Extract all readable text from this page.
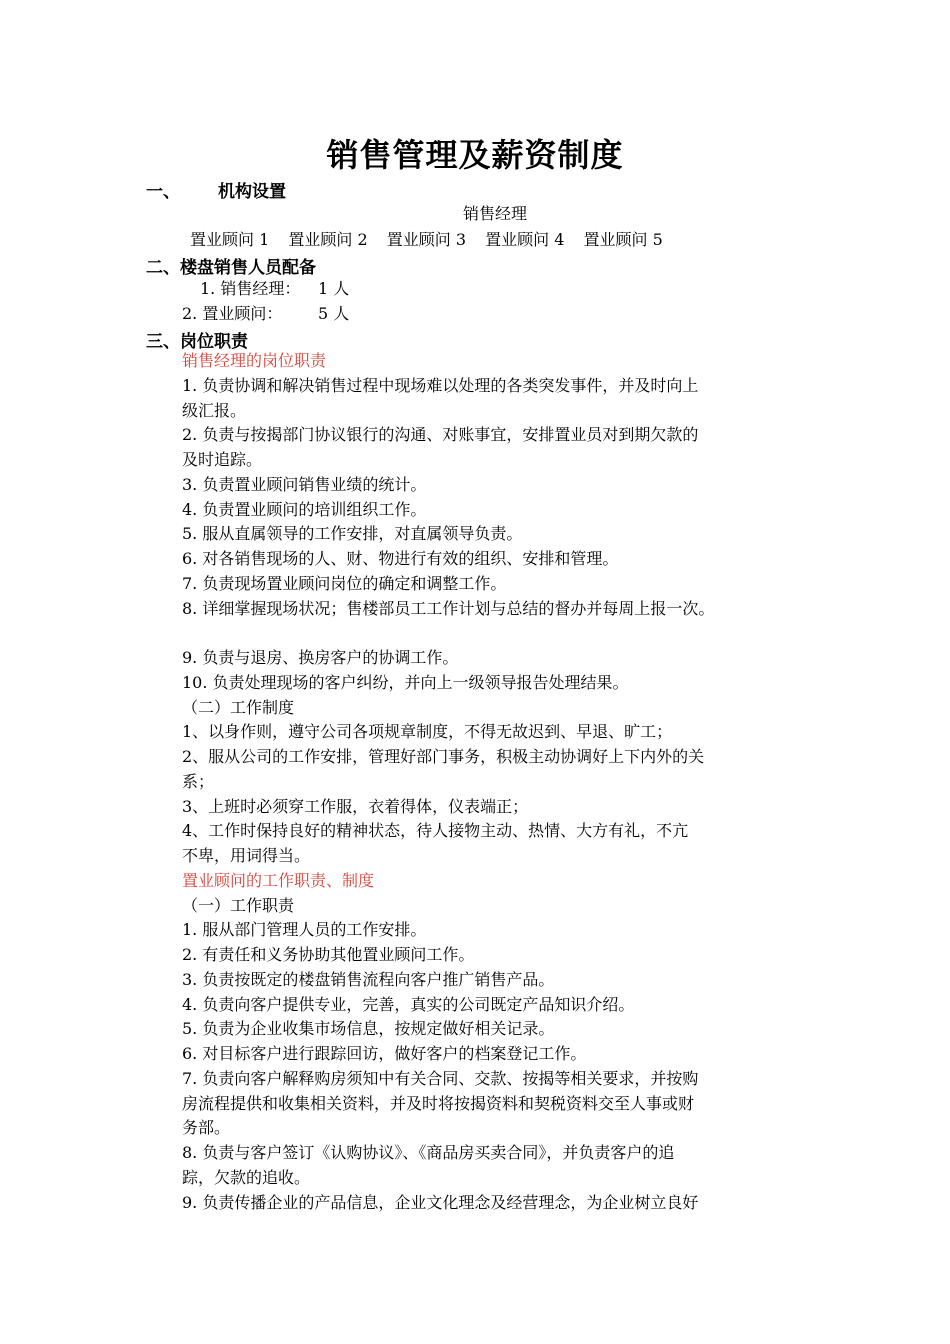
销售管理及薪资制度
一、 机构设置
销售经理
置业顾问 1 置业顾问 2 置业顾问 3 置业顾问 4 置业顾问 5
二、楼盘销售人员配备
1. 销售经理： 1 人
2. 置业顾问： 5 人
三、岗位职责
销售经理的岗位职责
1. 负责协调和解决销售过程中现场难以处理的各类突发事件，并及时向上
级汇报。
2. 负责与按揭部门协议银行的沟通、对账事宜，安排置业员对到期欠款的
及时追踪。
3. 负责置业顾问销售业绩的统计。
4. 负责置业顾问的培训组织工作。
5. 服从直属领导的工作安排，对直属领导负责。
6. 对各销售现场的人、财、物进行有效的组织、安排和管理。
7. 负责现场置业顾问岗位的确定和调整工作。
8. 详细掌握现场状况；售楼部员工工作计划与总结的督办并每周上报一次。
9. 负责与退房、换房客户的协调工作。
10. 负责处理现场的客户纠纷，并向上一级领导报告处理结果。
（二）工作制度
1、以身作则，遵守公司各项规章制度，不得无故迟到、早退、旷工；
2、服从公司的工作安排，管理好部门事务，积极主动协调好上下内外的关
系；
3、上班时必须穿工作服，衣着得体，仪表端正；
4、工作时保持良好的精神状态，待人接物主动、热情、大方有礼，不亢
不卑，用词得当。
置业顾问的工作职责、制度
（一）工作职责
1. 服从部门管理人员的工作安排。
2. 有责任和义务协助其他置业顾问工作。
3. 负责按既定的楼盘销售流程向客户推广销售产品。
4. 负责向客户提供专业，完善，真实的公司既定产品知识介绍。
5. 负责为企业收集市场信息，按规定做好相关记录。
6. 对目标客户进行跟踪回访，做好客户的档案登记工作。
7. 负责向客户解释购房须知中有关合同、交款、按揭等相关要求，并按购
房流程提供和收集相关资料，并及时将按揭资料和契税资料交至人事或财
务部。
8. 负责与客户签订《认购协议》、《商品房买卖合同》，并负责客户的追
踪，欠款的追收。
9. 负责传播企业的产品信息，企业文化理念及经营理念，为企业树立良好
